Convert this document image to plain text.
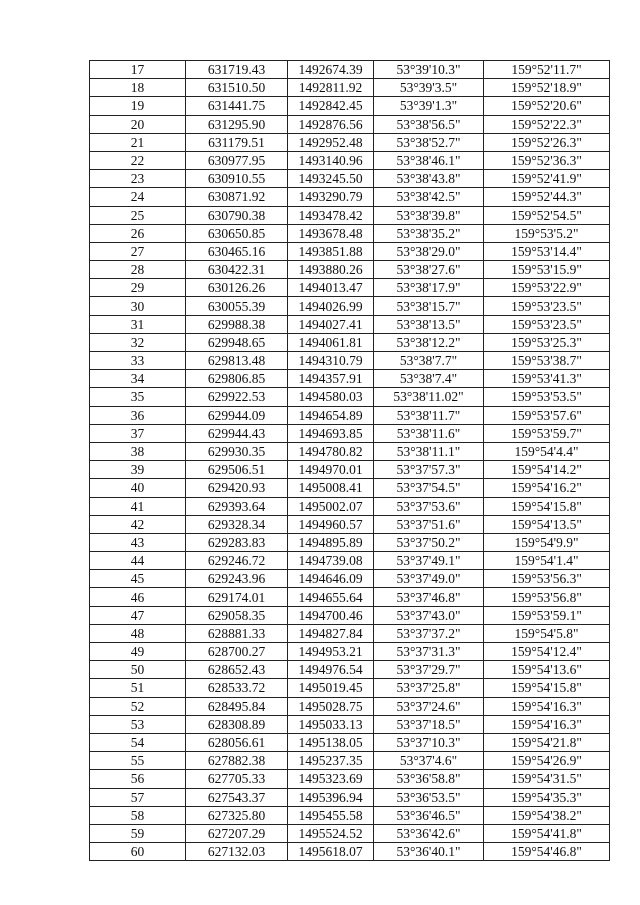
17	631719.43	1492674.39	53°39'10.3"	159°52'11.7"
18	631510.50	1492811.92	53°39'3.5"	159°52'18.9"
19	631441.75	1492842.45	53°39'1.3"	159°52'20.6"
20	631295.90	1492876.56	53°38'56.5"	159°52'22.3"
21	631179.51	1492952.48	53°38'52.7"	159°52'26.3"
22	630977.95	1493140.96	53°38'46.1"	159°52'36.3"
23	630910.55	1493245.50	53°38'43.8"	159°52'41.9"
24	630871.92	1493290.79	53°38'42.5"	159°52'44.3"
25	630790.38	1493478.42	53°38'39.8"	159°52'54.5"
26	630650.85	1493678.48	53°38'35.2"	159°53'5.2"
27	630465.16	1493851.88	53°38'29.0"	159°53'14.4"
28	630422.31	1493880.26	53°38'27.6"	159°53'15.9"
29	630126.26	1494013.47	53°38'17.9"	159°53'22.9"
30	630055.39	1494026.99	53°38'15.7"	159°53'23.5"
31	629988.38	1494027.41	53°38'13.5"	159°53'23.5"
32	629948.65	1494061.81	53°38'12.2"	159°53'25.3"
33	629813.48	1494310.79	53°38'7.7"	159°53'38.7"
34	629806.85	1494357.91	53°38'7.4"	159°53'41.3"
35	629922.53	1494580.03	53°38'11.02"	159°53'53.5"
36	629944.09	1494654.89	53°38'11.7"	159°53'57.6"
37	629944.43	1494693.85	53°38'11.6"	159°53'59.7"
38	629930.35	1494780.82	53°38'11.1"	159°54'4.4"
39	629506.51	1494970.01	53°37'57.3"	159°54'14.2"
40	629420.93	1495008.41	53°37'54.5"	159°54'16.2"
41	629393.64	1495002.07	53°37'53.6"	159°54'15.8"
42	629328.34	1494960.57	53°37'51.6"	159°54'13.5"
43	629283.83	1494895.89	53°37'50.2"	159°54'9.9"
44	629246.72	1494739.08	53°37'49.1"	159°54'1.4"
45	629243.96	1494646.09	53°37'49.0"	159°53'56.3"
46	629174.01	1494655.64	53°37'46.8"	159°53'56.8"
47	629058.35	1494700.46	53°37'43.0"	159°53'59.1"
48	628881.33	1494827.84	53°37'37.2"	159°54'5.8"
49	628700.27	1494953.21	53°37'31.3"	159°54'12.4"
50	628652.43	1494976.54	53°37'29.7"	159°54'13.6"
51	628533.72	1495019.45	53°37'25.8"	159°54'15.8"
52	628495.84	1495028.75	53°37'24.6"	159°54'16.3"
53	628308.89	1495033.13	53°37'18.5"	159°54'16.3"
54	628056.61	1495138.05	53°37'10.3"	159°54'21.8"
55	627882.38	1495237.35	53°37'4.6"	159°54'26.9"
56	627705.33	1495323.69	53°36'58.8"	159°54'31.5"
57	627543.37	1495396.94	53°36'53.5"	159°54'35.3"
58	627325.80	1495455.58	53°36'46.5"	159°54'38.2"
59	627207.29	1495524.52	53°36'42.6"	159°54'41.8"
60	627132.03	1495618.07	53°36'40.1"	159°54'46.8"
